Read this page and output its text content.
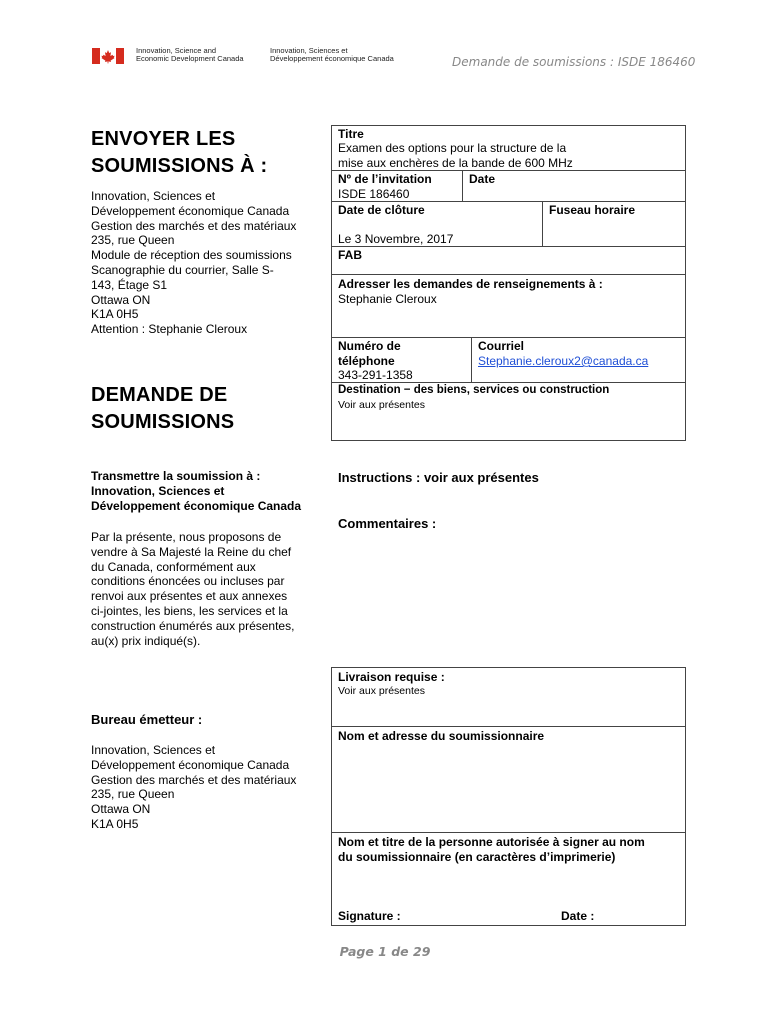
Innovation, Science and
Economic Development Canada
Innovation, Sciences et
Développement économique Canada	Demande de soumissions : ISDE 186460
ENVOYER LES
SOUMISSIONS À :
Innovation, Sciences et
Développement économique Canada
Gestion des marchés et des matériaux
235, rue Queen
Module de réception des soumissions
Scanographie du courrier, Salle S-
143, Étage S1
Ottawa ON
K1A 0H5
Attention : Stephanie Cleroux
DEMANDE DE
SOUMISSIONS
Transmettre la soumission à :
Innovation, Sciences et
Développement économique Canada
Par la présente, nous proposons de
vendre à Sa Majesté la Reine du chef
du Canada, conformément aux
conditions énoncées ou incluses par
renvoi aux présentes et aux annexes
ci-jointes, les biens, les services et la
construction énumérés aux présentes,
au(x) prix indiqué(s).
Bureau émetteur :
Innovation, Sciences et
Développement économique Canada
Gestion des marchés et des matériaux
235, rue Queen
Ottawa ON
K1A 0H5
Titre
Examen des options pour la structure de la
mise aux enchères de la bande de 600 MHz
Nº de l’invitation
ISDE 186460
Date
Date de clôture
Le 3 Novembre, 2017
Fuseau horaire
FAB
Adresser les demandes de renseignements à :
Stephanie Cleroux
Numéro de
téléphone
343-291-1358
Courriel
Stephanie.cleroux2@canada.ca
Destination − des biens, services ou construction
Voir aux présentes
Instructions : voir aux présentes
Commentaires :
Livraison requise :
Voir aux présentes
Nom et adresse du soumissionnaire
Nom et titre de la personne autorisée à signer au nom
du soumissionnaire (en caractères d’imprimerie)
Signature :	Date :
Page 1 de 29
